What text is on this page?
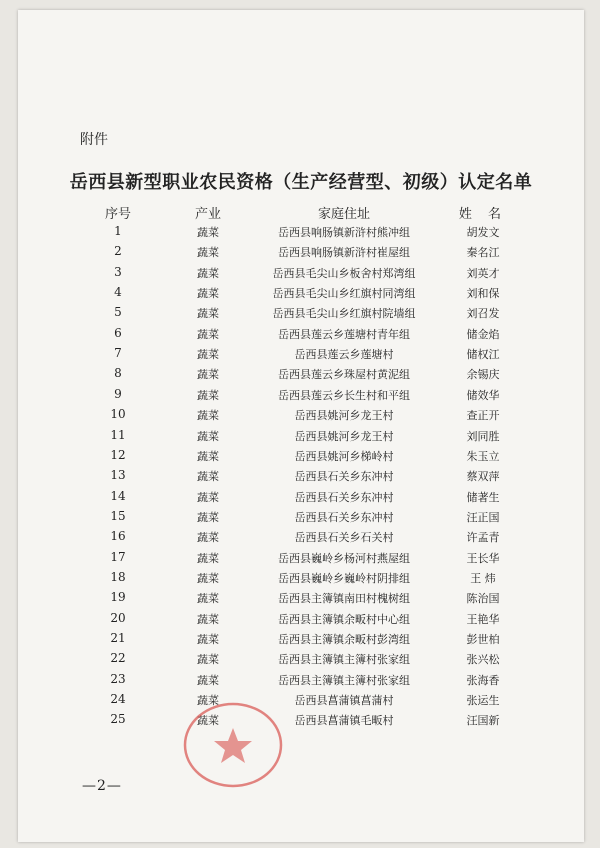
附件
岳西县新型职业农民资格（生产经营型、初级）认定名单
序号	产业	家庭住址	姓 名
1	蔬菜	岳西县响肠镇新浒村熊冲组	胡发文
2	蔬菜	岳西县响肠镇新浒村崔屋组	秦名江
3	蔬菜	岳西县毛尖山乡板舍村郑湾组	刘英才
4	蔬菜	岳西县毛尖山乡红旗村同湾组	刘和保
5	蔬菜	岳西县毛尖山乡红旗村院墙组	刘召发
6	蔬菜	岳西县莲云乡莲塘村青年组	储金焰
7	蔬菜	岳西县莲云乡莲塘村	储权江
8	蔬菜	岳西县莲云乡珠屋村黄泥组	余锡庆
9	蔬菜	岳西县莲云乡长生村和平组	储效华
10	蔬菜	岳西县姚河乡龙王村	查正开
11	蔬菜	岳西县姚河乡龙王村	刘同胜
12	蔬菜	岳西县姚河乡梯岭村	朱玉立
13	蔬菜	岳西县石关乡东冲村	蔡双萍
14	蔬菜	岳西县石关乡东冲村	储著生
15	蔬菜	岳西县石关乡东冲村	汪正国
16	蔬菜	岳西县石关乡石关村	许孟青
17	蔬菜	岳西县巍岭乡杨河村燕屋组	王长华
18	蔬菜	岳西县巍岭乡巍岭村阴排组	王 炜
19	蔬菜	岳西县主簿镇南田村槐树组	陈治国
20	蔬菜	岳西县主簿镇余畈村中心组	王艳华
21	蔬菜	岳西县主簿镇余畈村彭湾组	彭世柏
22	蔬菜	岳西县主簿镇主簿村张家组	张兴松
23	蔬菜	岳西县主簿镇主簿村张家组	张海香
24	蔬菜	岳西县菖蒲镇菖蒲村	张运生
25	蔬菜	岳西县菖蒲镇毛畈村	汪国新
—2—
